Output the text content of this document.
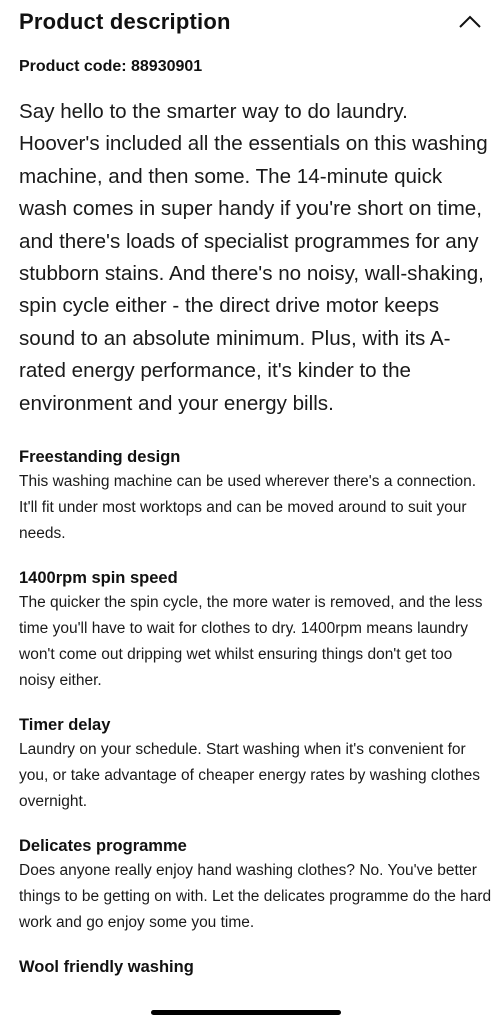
Product description
Product code: 88930901
Say hello to the smarter way to do laundry. Hoover's included all the essentials on this washing machine, and then some. The 14-minute quick wash comes in super handy if you're short on time, and there's loads of specialist programmes for any stubborn stains. And there's no noisy, wall-shaking, spin cycle either - the direct drive motor keeps sound to an absolute minimum. Plus, with its A-rated energy performance, it's kinder to the environment and your energy bills.
Freestanding design

This washing machine can be used wherever there's a connection. It'll fit under most worktops and can be moved around to suit your needs.

1400rpm spin speed

The quicker the spin cycle, the more water is removed, and the less time you'll have to wait for clothes to dry. 1400rpm means laundry won't come out dripping wet whilst ensuring things don't get too noisy either.

Timer delay

Laundry on your schedule. Start washing when it's convenient for you, or take advantage of cheaper energy rates by washing clothes overnight.

Delicates programme

Does anyone really enjoy hand washing clothes? No. You've better things to be getting on with. Let the delicates programme do the hard work and go enjoy some you time.

Wool friendly washing
